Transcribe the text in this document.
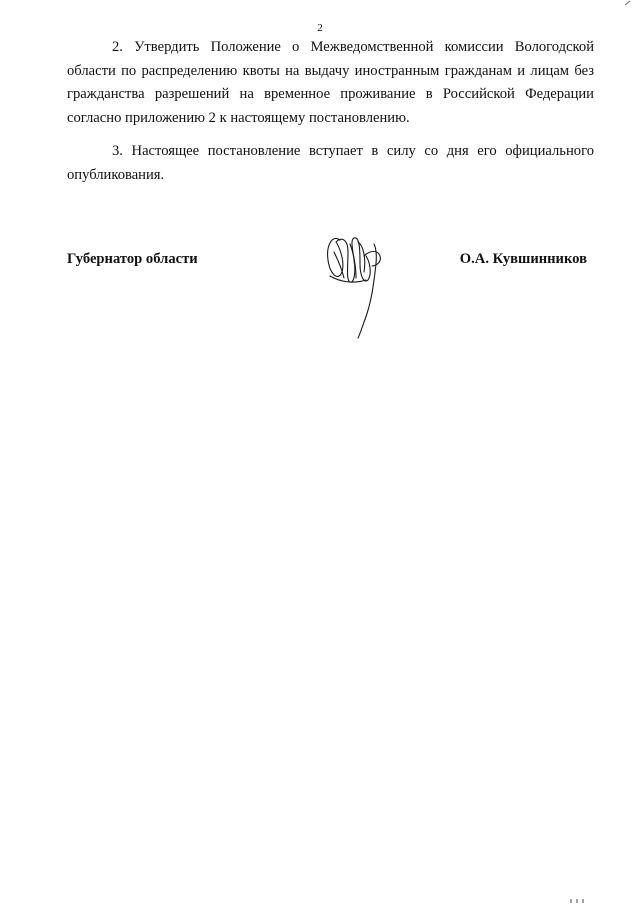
2

2. Утвердить Положение о Межведомственной комиссии Вологодской области по распределению квоты на выдачу иностранным гражданам и лицам без гражданства разрешений на временное проживание в Российской Федерации согласно приложению 2 к настоящему постановлению.

3. Настоящее постановление вступает в силу со дня его официального опубликования.

Губернатор области	О.А. Кувшинников
